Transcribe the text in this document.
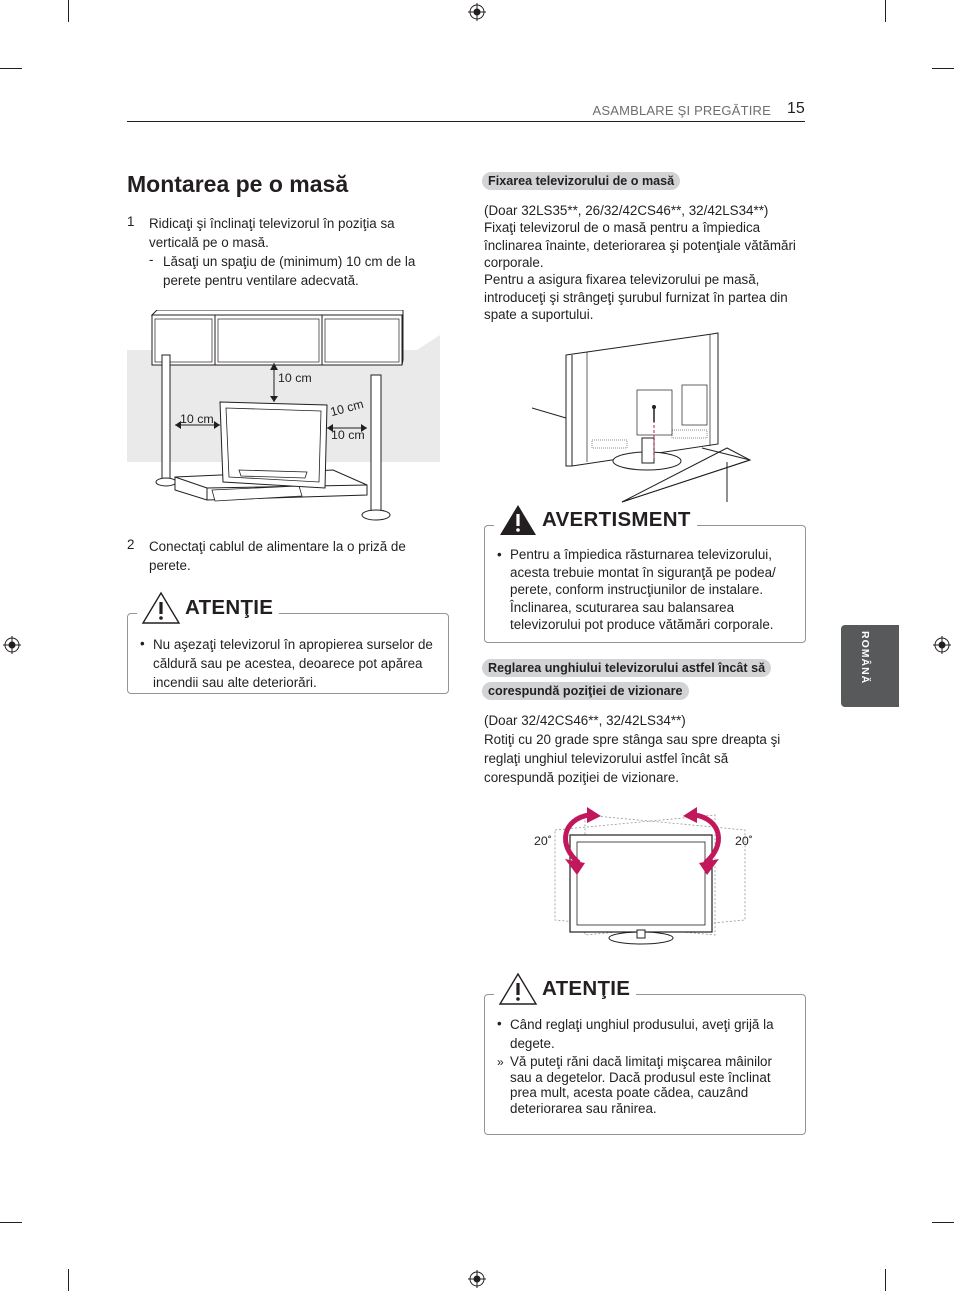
ASAMBLARE ŞI PREGĂTIRE 15
ROMÂNĂ
Montarea pe o masă
1 Ridicaţi şi înclinaţi televizorul în poziţia sa verticală pe o masă.
- Lăsaţi un spaţiu de (minimum) 10 cm de la perete pentru ventilare adecvată.
10 cm
10 cm	10 cm
10 cm
2 Conectaţi cablul de alimentare la o priză de perete.
ATENŢIE
• Nu aşezaţi televizorul în apropierea surselor de căldură sau pe acestea, deoarece pot apărea incendii sau alte deteriorări.
Fixarea televizorului de o masă
(Doar 32LS35**, 26/32/42CS46**, 32/42LS34**)
Fixaţi televizorul de o masă pentru a împiedica înclinarea înainte, deteriorarea şi potenţiale vătămări corporale.
Pentru a asigura fixarea televizorului pe masă, introduceţi şi strângeţi şurubul furnizat în partea din spate a suportului.
AVERTISMENT
• Pentru a împiedica răsturnarea televizorului, acesta trebuie montat în siguranţă pe podea/ perete, conform instrucţiunilor de instalare. Înclinarea, scuturarea sau balansarea televizorului pot produce vătămări corporale.
Reglarea unghiului televizorului astfel încât să
corespundă poziţiei de vizionare
(Doar 32/42CS46**, 32/42LS34**)
Rotiţi cu 20 grade spre stânga sau spre dreapta şi reglaţi unghiul televizorului astfel încât să corespundă poziţiei de vizionare.
20˚	20˚
ATENŢIE
• Când reglaţi unghiul produsului, aveţi grijă la degete.
» Vă puteţi răni dacă limitaţi mişcarea mâinilor sau a degetelor. Dacă produsul este înclinat prea mult, acesta poate cădea, cauzând deteriorarea sau rănirea.
